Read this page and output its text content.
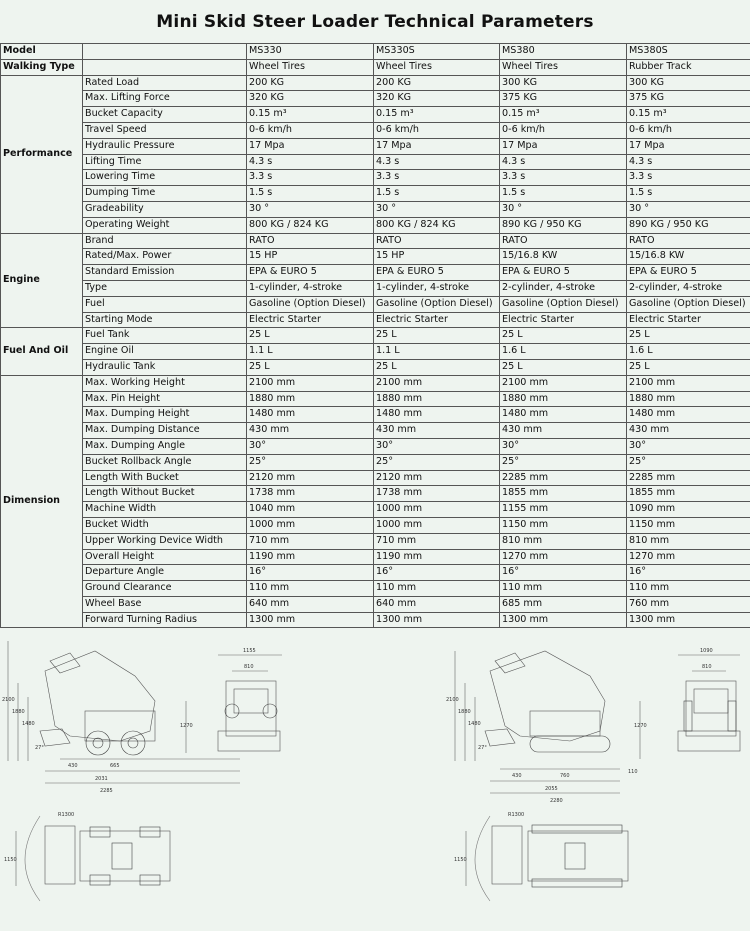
Mini Skid Steer Loader Technical Parameters
Model		MS330	MS330S	MS380	MS380S
Walking Type		Wheel Tires	Wheel Tires	Wheel Tires	Rubber Track
Performance	Rated Load	200 KG	200 KG	300 KG	300 KG
	Max. Lifting Force	320 KG	320 KG	375 KG	375 KG
	Bucket Capacity	0.15 m³	0.15 m³	0.15 m³	0.15 m³
	Travel Speed	0-6 km/h	0-6 km/h	0-6 km/h	0-6 km/h
	Hydraulic Pressure	17 Mpa	17 Mpa	17 Mpa	17 Mpa
	Lifting Time	4.3 s	4.3 s	4.3 s	4.3 s
	Lowering Time	3.3 s	3.3 s	3.3 s	3.3 s
	Dumping Time	1.5 s	1.5 s	1.5 s	1.5 s
	Gradeability	30 °	30 °	30 °	30 °
	Operating Weight	800 KG / 824 KG	800 KG / 824 KG	890 KG / 950 KG	890 KG / 950 KG
Engine	Brand	RATO	RATO	RATO	RATO
	Rated/Max. Power	15 HP	15 HP	15/16.8 KW	15/16.8 KW
	Standard Emission	EPA & EURO 5	EPA & EURO 5	EPA & EURO 5	EPA & EURO 5
	Type	1-cylinder, 4-stroke	1-cylinder, 4-stroke	2-cylinder, 4-stroke	2-cylinder, 4-stroke
	Fuel	Gasoline (Option Diesel)	Gasoline (Option Diesel)	Gasoline (Option Diesel)	Gasoline (Option Diesel)
	Starting Mode	Electric Starter	Electric Starter	Electric Starter	Electric Starter
Fuel And Oil	Fuel Tank	25 L	25 L	25 L	25 L
	Engine Oil	1.1 L	1.1 L	1.6 L	1.6 L
	Hydraulic Tank	25 L	25 L	25 L	25 L
Dimension	Max. Working Height	2100 mm	2100 mm	2100 mm	2100 mm
	Max. Pin Height	1880 mm	1880 mm	1880 mm	1880 mm
	Max. Dumping Height	1480 mm	1480 mm	1480 mm	1480 mm
	Max. Dumping Distance	430 mm	430 mm	430 mm	430 mm
	Max. Dumping Angle	30°	30°	30°	30°
	Bucket Rollback Angle	25°	25°	25°	25°
	Length With Bucket	2120 mm	2120 mm	2285 mm	2285 mm
	Length Without Bucket	1738 mm	1738 mm	1855 mm	1855 mm
	Machine Width	1040 mm	1000 mm	1155 mm	1090 mm
	Bucket Width	1000 mm	1000 mm	1150 mm	1150 mm
	Upper Working Device Width	710 mm	710 mm	810 mm	810 mm
	Overall Height	1190 mm	1190 mm	1270 mm	1270 mm
	Departure Angle	16°	16°	16°	16°
	Ground Clearance	110 mm	110 mm	110 mm	110 mm
	Wheel Base	640 mm	640 mm	685 mm	760 mm
	Forward Turning Radius	1300 mm	1300 mm	1300 mm	1300 mm
2100
1880
1480	1270
27°
430	665
2031
2285
1155
810
R1300
1150
2100
1880
1480	1270
27°
430	760
2055
2280
110
1090
810
R1300
1150
